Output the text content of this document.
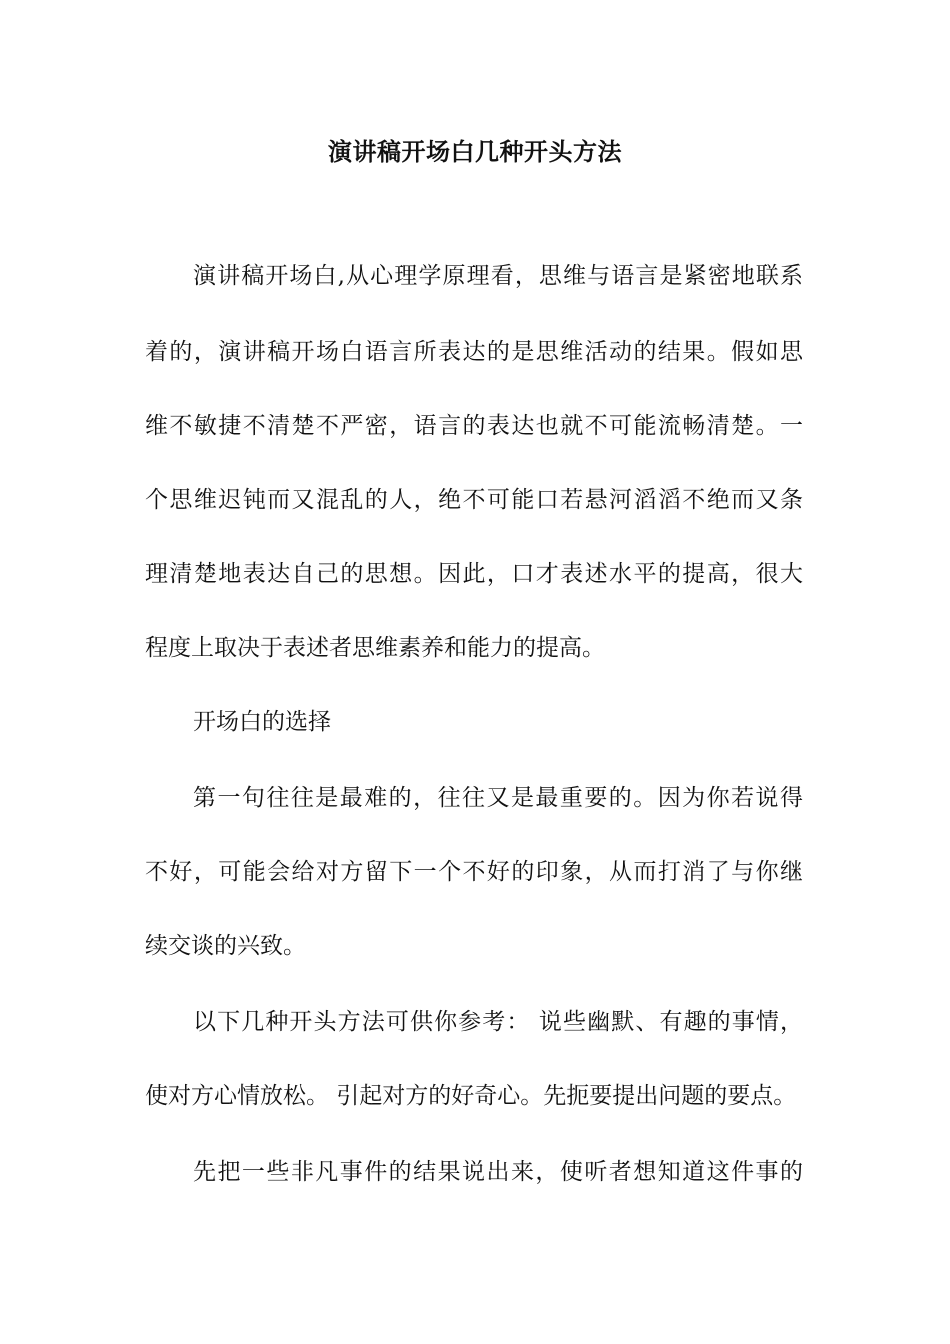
演讲稿开场白几种开头方法
演讲稿开场白,从心理学原理看，思维与语言是紧密地联系
着的，演讲稿开场白语言所表达的是思维活动的结果。假如思
维不敏捷不清楚不严密，语言的表达也就不可能流畅清楚。一
个思维迟钝而又混乱的人，绝不可能口若悬河滔滔不绝而又条
理清楚地表达自己的思想。因此，口才表述水平的提高，很大
程度上取决于表述者思维素养和能力的提高。
开场白的选择
第一句往往是最难的，往往又是最重要的。因为你若说得
不好，可能会给对方留下一个不好的印象，从而打消了与你继
续交谈的兴致。
以下几种开头方法可供你参考： 说些幽默、有趣的事情，
使对方心情放松。 引起对方的好奇心。先扼要提出问题的要点。
先把一些非凡事件的结果说出来，使听者想知道这件事的
